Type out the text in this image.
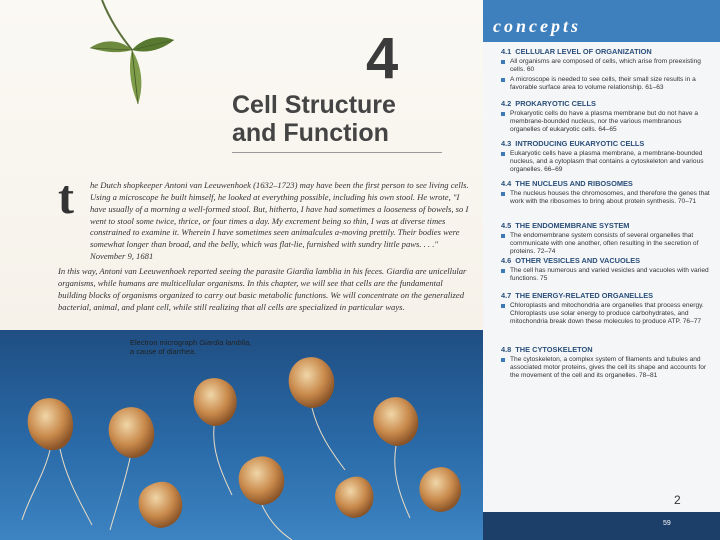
4
Cell Structure
and Function
t he Dutch shopkeeper Antoni van Leeuwenhoek (1632–1723) may have been the first person to see living cells. Using a microscope he built himself, he looked at everything possible, including his own stool. He wrote, "I have usually of a morning a well-formed stool. But, hitherto, I have had sometimes a looseness of bowels, so I went to stool some twice, thrice, or four times a day. My excrement being so thin, I was at diverse times constrained to examine it. Wherein I have sometimes seen animalcules a-moving prettily. Their bodies were somewhat longer than broad, and the belly, which was flat-lie, furnished with sundry little paws. . . ." November 9, 1681

In this way, Antoni van Leeuwenhoek reported seeing the parasite Giardia lamblia in his feces. Giardia are unicellular organisms, while humans are multicellular organisms. In this chapter, we will see that cells are the fundamental building blocks of organisms organized to carry out basic metabolic functions. We will concentrate on the generalized bacterial, animal, and plant cell, while still realizing that all cells are specialized in particular ways.

Electron micrograph Giardia lamblia,
a cause of diarrhea.
concepts
4.1 CELLULAR LEVEL OF ORGANIZATION
All organisms are composed of cells, which arise from preexisting cells. 60
A microscope is needed to see cells, their small size results in a favorable surface area to volume relationship. 61–63
4.2 PROKARYOTIC CELLS
Prokaryotic cells do have a plasma membrane but do not have a membrane-bounded nucleus, nor the various membranous organelles of eukaryotic cells. 64–65
4.3 INTRODUCING EUKARYOTIC CELLS
Eukaryotic cells have a plasma membrane, a membrane-bounded nucleus, and a cytoplasm that contains a cytoskeleton and various organelles. 66–69
4.4 THE NUCLEUS AND RIBOSOMES
The nucleus houses the chromosomes, and therefore the genes that work with the ribosomes to bring about protein synthesis. 70–71
4.5 THE ENDOMEMBRANE SYSTEM
The endomembrane system consists of several organelles that communicate with one another, often resulting in the secretion of proteins. 72–74
4.6 OTHER VESICLES AND VACUOLES
The cell has numerous and varied vesicles and vacuoles with varied functions. 75
4.7 THE ENERGY-RELATED ORGANELLES
Chloroplasts and mitochondria are organelles that process energy. Chloroplasts use solar energy to produce carbohydrates, and mitochondria break down these molecules to produce ATP. 76–77
4.8 THE CYTOSKELETON
The cytoskeleton, a complex system of filaments and tubules and associated motor proteins, gives the cell its shape and accounts for the movement of the cell and its organelles. 78–81
59
2
